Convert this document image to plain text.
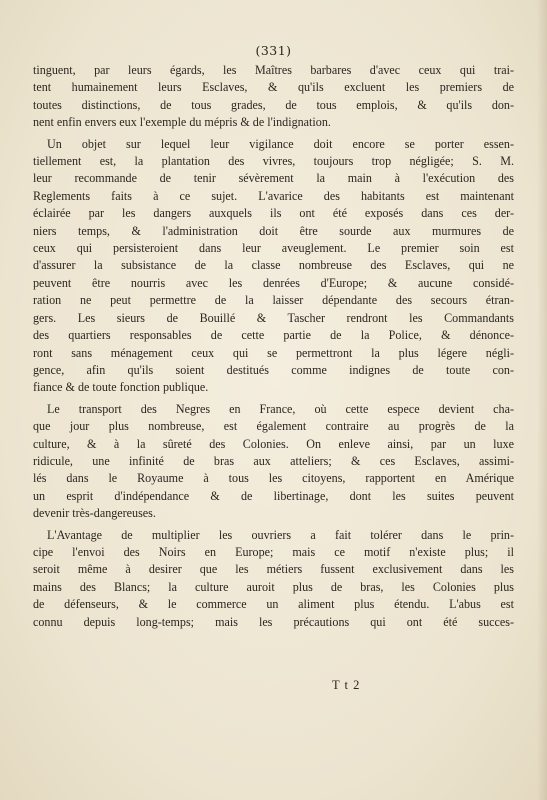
(331)
tinguent, par leurs égards, les Maîtres barbares d'avec ceux qui trai-
tent humainement leurs Esclaves, & qu'ils excluent les premiers de
toutes distinctions, de tous grades, de tous emplois, & qu'ils don-
nent enfin envers eux l'exemple du mépris & de l'indignation.
Un objet sur lequel leur vigilance doit encore se porter essen-
tiellement est, la plantation des vivres, toujours trop négligée; S. M.
leur recommande de tenir sévèrement la main à l'exécution des
Reglements faits à ce sujet. L'avarice des habitants est maintenant
éclairée par les dangers auxquels ils ont été exposés dans ces der-
niers temps, & l'administration doit être sourde aux murmures de
ceux qui persisteroient dans leur aveuglement. Le premier soin est
d'assurer la subsistance de la classe nombreuse des Esclaves, qui ne
peuvent être nourris avec les denrées d'Europe; & aucune considé-
ration ne peut permettre de la laisser dépendante des secours étran-
gers. Les sieurs de Bouillé & Tascher rendront les Commandants
des quartiers responsables de cette partie de la Police, & dénonce-
ront sans ménagement ceux qui se permettront la plus légere négli-
gence, afin qu'ils soient destitués comme indignes de toute con-
fiance & de toute fonction publique.
Le transport des Negres en France, où cette espece devient cha-
que jour plus nombreuse, est également contraire au progrès de la
culture, & à la sûreté des Colonies. On enleve ainsi, par un luxe
ridicule, une infinité de bras aux atteliers; & ces Esclaves, assimi-
lés dans le Royaume à tous les citoyens, rapportent en Amérique
un esprit d'indépendance & de libertinage, dont les suites peuvent
devenir très-dangereuses.
L'Avantage de multiplier les ouvriers a fait tolérer dans le prin-
cipe l'envoi des Noirs en Europe; mais ce motif n'existe plus; il
seroit même à desirer que les métiers fussent exclusivement dans les
mains des Blancs; la culture auroit plus de bras, les Colonies plus
de défenseurs, & le commerce un aliment plus étendu. L'abus est
connu depuis long-temps; mais les précautions qui ont été succes-
T t 2
